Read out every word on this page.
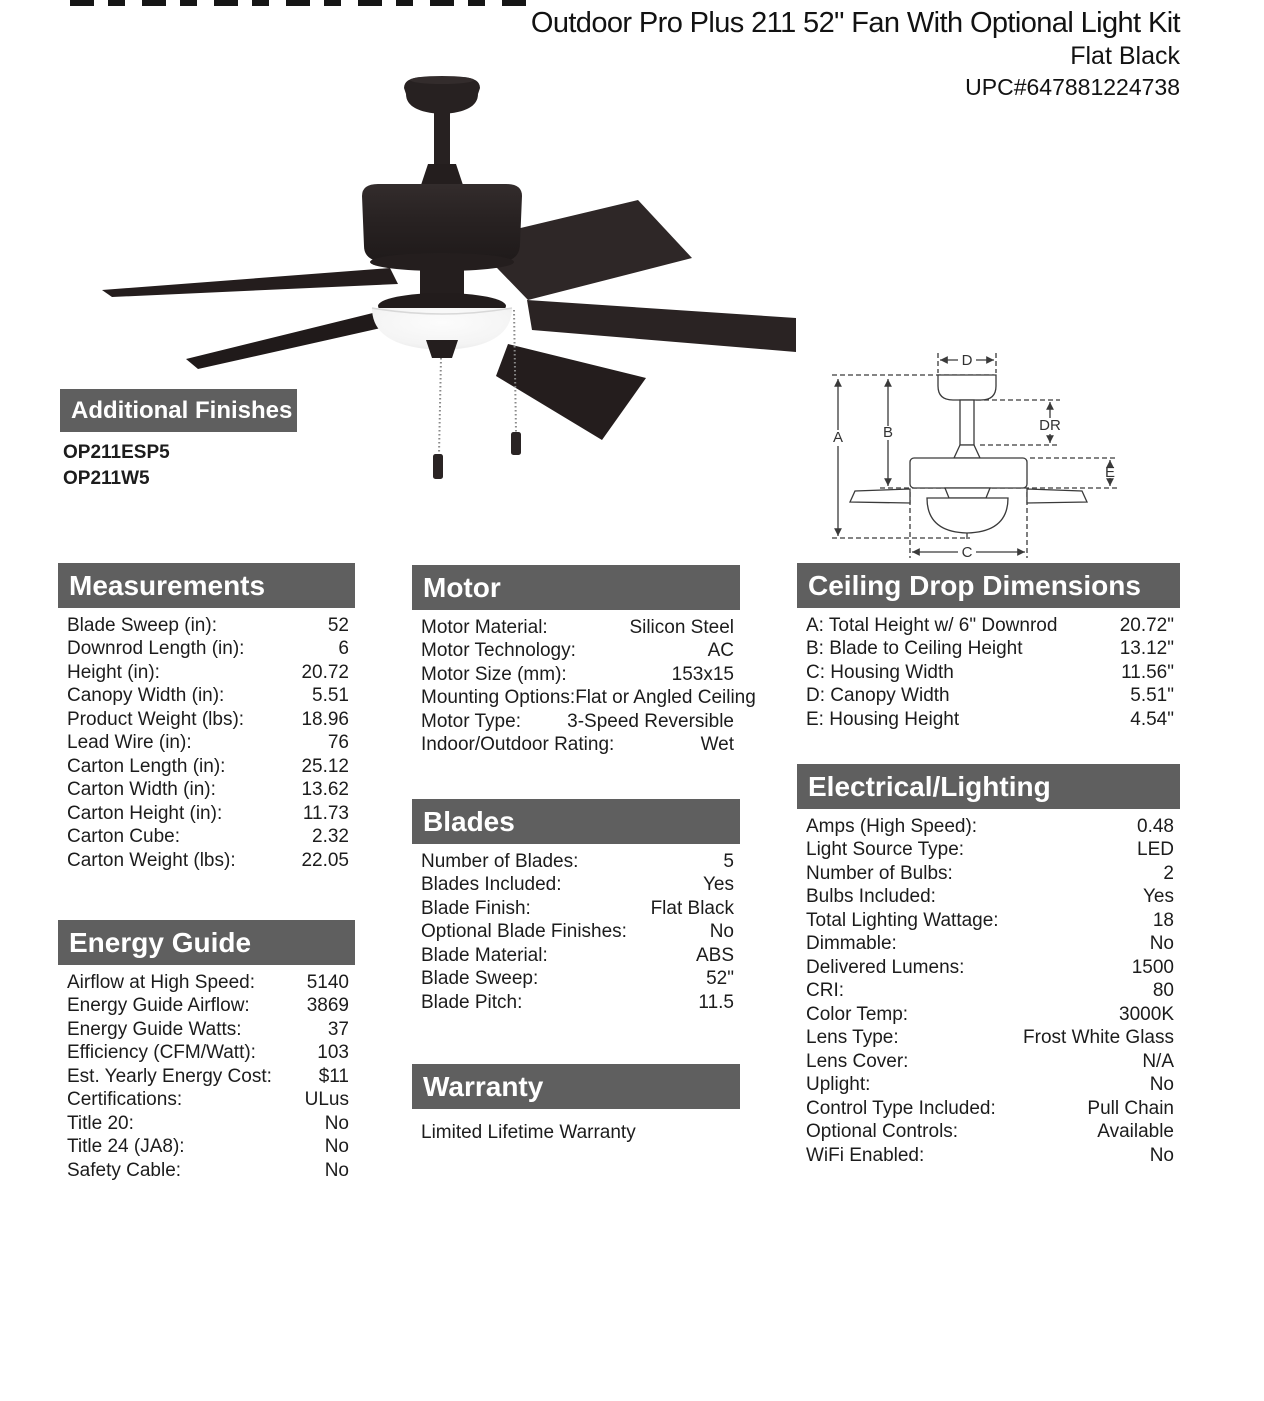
Outdoor Pro Plus 211 52" Fan With Optional Light Kit
Flat Black
UPC#647881224738
D
A	B	DR
E
C
Additional Finishes
OP211ESP5
OP211W5
Measurements
Blade Sweep (in):	52
Downrod Length (in):	6
Height (in):	20.72
Canopy Width (in):	5.51
Product Weight (lbs):	18.96
Lead Wire (in):	76
Carton Length (in):	25.12
Carton Width (in):	13.62
Carton Height (in):	11.73
Carton Cube:	2.32
Carton Weight (lbs):	22.05
Energy Guide
Airflow at High Speed:	5140
Energy Guide Airflow:	3869
Energy Guide Watts:	37
Efficiency (CFM/Watt):	103
Est. Yearly Energy Cost: $11
Certifications:	ULus
Title 20:	No
Title 24 (JA8):	No
Safety Cable:	No
Motor
Motor Material:	Silicon Steel
Motor Technology:	AC
Motor Size (mm):	153x15
Mounting Options: Flat or Angled Ceiling
Motor Type: 3-Speed Reversible
Indoor/Outdoor Rating:	Wet
Blades
Number of Blades:	5
Blades Included:	Yes
Blade Finish:	Flat Black
Optional Blade Finishes:	No
Blade Material:	ABS
Blade Sweep:	52"
Blade Pitch:	11.5
Warranty
Limited Lifetime Warranty
Ceiling Drop Dimensions
A: Total Height w/ 6" Downrod	20.72"
B: Blade to Ceiling Height	13.12"
C: Housing Width	11.56"
D: Canopy Width	5.51"
E: Housing Height	4.54"
Electrical/Lighting
Amps (High Speed):	0.48
Light Source Type:	LED
Number of Bulbs:	2
Bulbs Included:	Yes
Total Lighting Wattage:	18
Dimmable:	No
Delivered Lumens:	1500
CRI:	80
Color Temp:	3000K
Lens Type:	Frost White Glass
Lens Cover:	N/A
Uplight:	No
Control Type Included:	Pull Chain
Optional Controls:	Available
WiFi Enabled:	No
